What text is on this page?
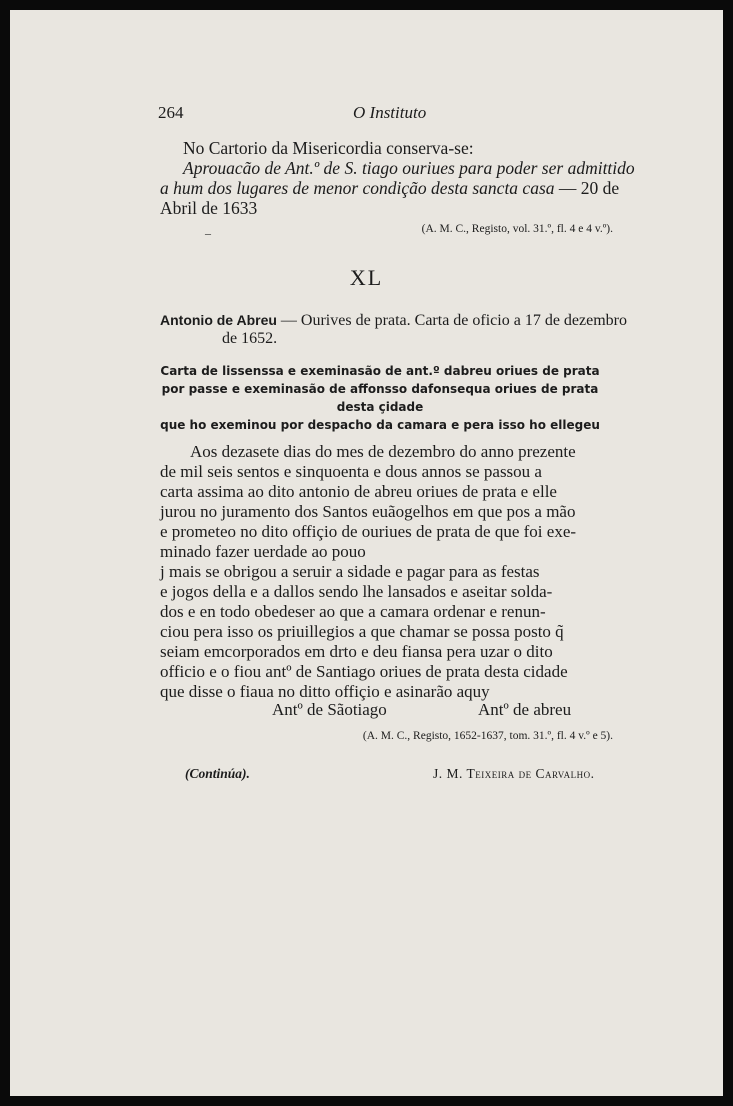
264	O Instituto
No Cartorio da Misericordia conserva-se:
Aprouacão de Ant.º de S. tiago ouriues para poder ser admittido a hum dos lugares de menor condição desta sancta casa — 20 de Abril de 1633
(A. M. C., Registo, vol. 31.º, fl. 4 e 4 v.º).
–
XL
Antonio de Abreu — Ourives de prata. Carta de oficio a 17 de dezembro
de 1652.
Carta de lissenssa e exeminasão de ant.º dabreu oriues de prata
por passe e exeminasão de affonsso dafonsequa oriues de prata desta çidade
que ho exeminou por despacho da camara e pera isso ho ellegeu

Aos dezasete dias do mes de dezembro do anno prezente

de mil seis sentos e sinquoenta e dous annos se passou a

carta assima ao dito antonio de abreu oriues de prata e elle

jurou no juramento dos Santos euãogelhos em que pos a mão

e prometeo no dito offiçio de ouriues de prata de que foi exe-

minado fazer uerdade ao pouo

j mais se obrigou a seruir a sidade e pagar para as festas

e jogos della e a dallos sendo lhe lansados e aseitar solda-

dos e en todo obedeser ao que a camara ordenar e renun-

ciou pera isso os priuillegios a que chamar se possa posto q̃

seiam emcorporados em drto e deu fiansa pera uzar o dito

officio e o fiou antº de Santiago oriues de prata desta cidade

que disse o fiaua no ditto offiçio e asinarão aquy

Antº de Sãotiago	Antº de abreu
(A. M. C., Registo, 1652-1637, tom. 31.º, fl. 4 v.º e 5).
(Continúa).	J. M. Teixeira de Carvalho.
